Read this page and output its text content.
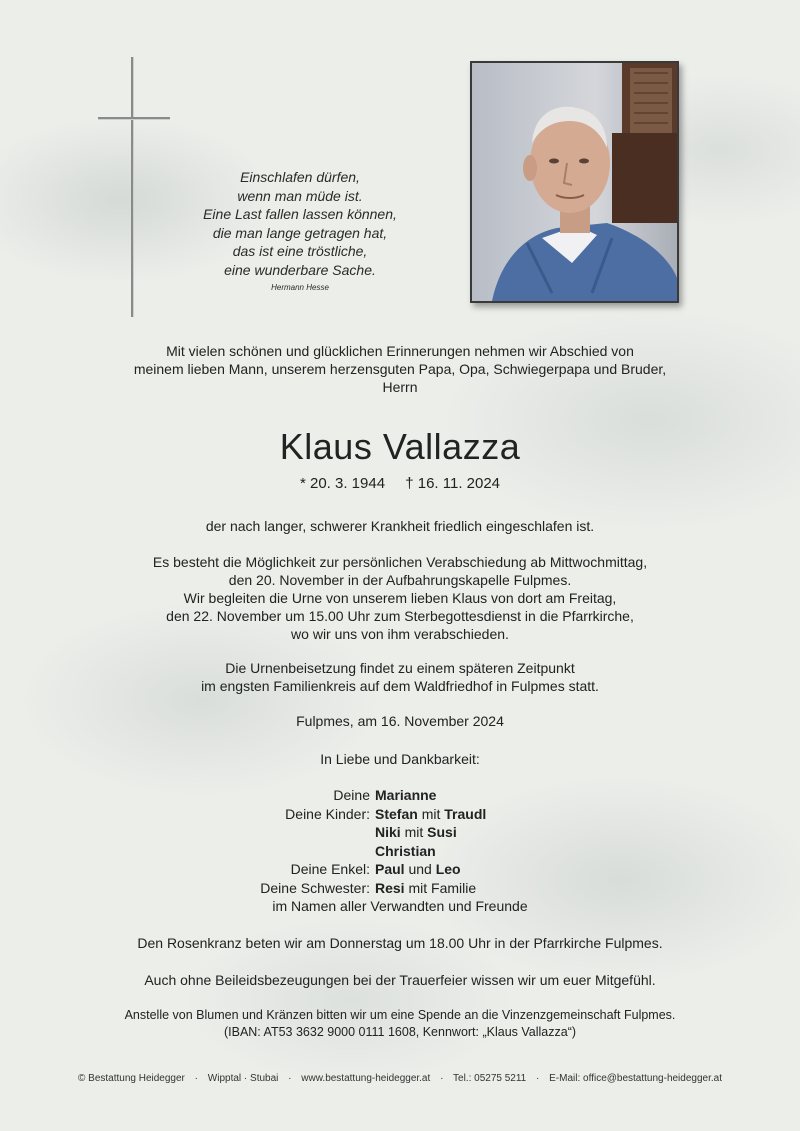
Einschlafen dürfen,
wenn man müde ist.
Eine Last fallen lassen können,
die man lange getragen hat,
das ist eine tröstliche,
eine wunderbare Sache.
Hermann Hesse
Mit vielen schönen und glücklichen Erinnerungen nehmen wir Abschied von
meinem lieben Mann, unserem herzensguten Papa, Opa, Schwiegerpapa und Bruder,
Herrn
Klaus Vallazza
* 20. 3. 1944 † 16. 11. 2024
der nach langer, schwerer Krankheit friedlich eingeschlafen ist.
Es besteht die Möglichkeit zur persönlichen Verabschiedung ab Mittwochmittag,
den 20. November in der Aufbahrungskapelle Fulpmes.
Wir begleiten die Urne von unserem lieben Klaus von dort am Freitag,
den 22. November um 15.00 Uhr zum Sterbegottesdienst in die Pfarrkirche,
wo wir uns von ihm verabschieden.
Die Urnenbeisetzung findet zu einem späteren Zeitpunkt
im engsten Familienkreis auf dem Waldfriedhof in Fulpmes statt.
Fulpmes, am 16. November 2024
In Liebe und Dankbarkeit:
Deine Marianne
Deine Kinder: Stefan mit Traudl
Niki mit Susi
Christian
Deine Enkel: Paul und Leo
Deine Schwester: Resi mit Familie
im Namen aller Verwandten und Freunde
Den Rosenkranz beten wir am Donnerstag um 18.00 Uhr in der Pfarrkirche Fulpmes.
Auch ohne Beileidsbezeugungen bei der Trauerfeier wissen wir um euer Mitgefühl.
Anstelle von Blumen und Kränzen bitten wir um eine Spende an die Vinzenzgemeinschaft Fulpmes.
(IBAN: AT53 3632 9000 0111 1608, Kennwort: „Klaus Vallazza“)
© Bestattung Heidegger · Wipptal · Stubai · www.bestattung-heidegger.at · Tel.: 05275 5211 · E-Mail: office@bestattung-heidegger.at
